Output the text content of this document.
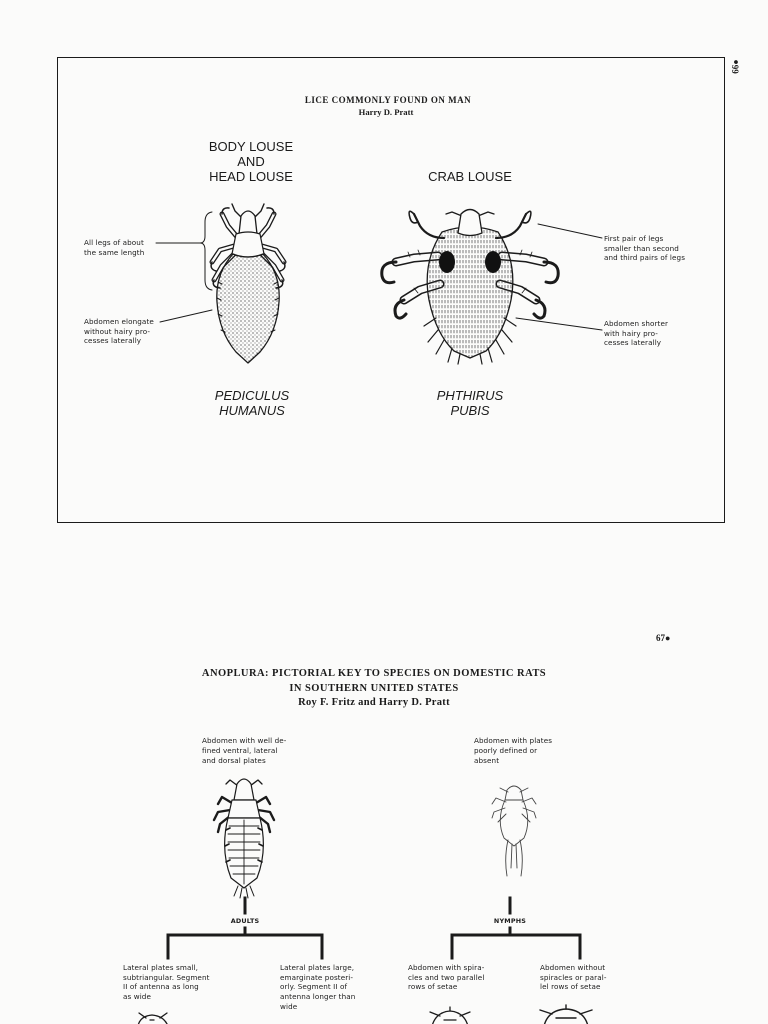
66●
LICE COMMONLY FOUND ON MAN
Harry D. Pratt
BODY LOUSE
AND
HEAD LOUSE	CRAB LOUSE
All legs of about
the same length
Abdomen elongate
without hairy pro-
cesses laterally
First pair of legs
smaller than second
and third pairs of legs
Abdomen shorter
with hairy pro-
cesses laterally
PEDICULUS
HUMANUS
PHTHIRUS
PUBIS
67●
ANOPLURA: PICTORIAL KEY TO SPECIES ON DOMESTIC RATS
IN SOUTHERN UNITED STATES
Roy F. Fritz and Harry D. Pratt
Abdomen with well de-
fined ventral, lateral
and dorsal plates
Abdomen with plates
poorly defined or
absent
ADULTS	NYMPHS
Lateral plates small,
subtriangular. Segment
II of antenna as long
as wide
Lateral plates large,
emarginate posteri-
orly. Segment II of
antenna longer than
wide
Abdomen with spira-
cles and two parallel
rows of setae
Abdomen without
spiracles or paral-
lel rows of setae
